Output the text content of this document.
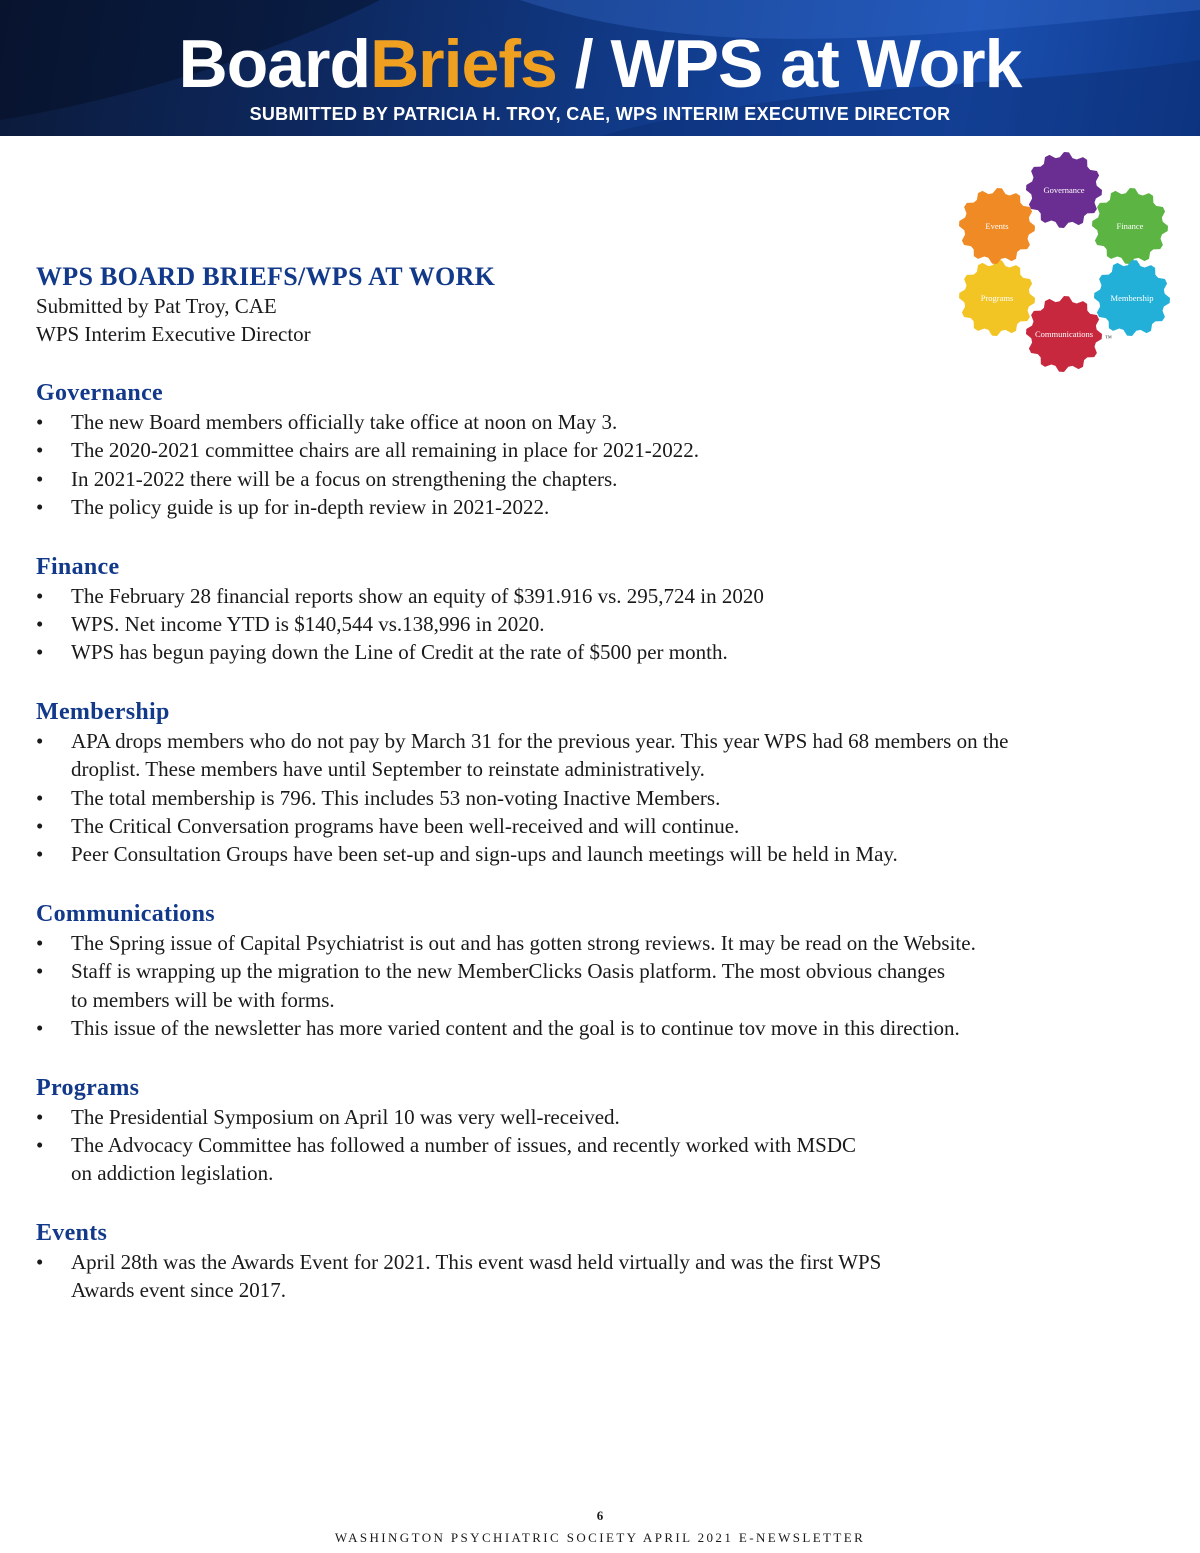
BoardBriefs / WPS at Work
SUBMITTED BY PATRICIA H. TROY, CAE, WPS INTERIM EXECUTIVE DIRECTOR
Governance
Finance
Membership
Communications
Programs
Events
™
WPS BOARD BRIEFS/WPS AT WORK

Submitted by Pat Troy, CAE

WPS Interim Executive Director

Governance
• The new Board members officially take office at noon on May 3.
• The 2020-2021 committee chairs are all remaining in place for 2021-2022.
• In 2021-2022 there will be a focus on strengthening the chapters.
• The policy guide is up for in-depth review in 2021-2022.
Finance
• The February 28 financial reports show an equity of $391.916 vs. 295,724 in 2020
• WPS. Net income YTD is $140,544 vs.138,996 in 2020.
• WPS has begun paying down the Line of Credit at the rate of $500 per month.
Membership
• APA drops members who do not pay by March 31 for the previous year. This year WPS had 68 members on the
droplist. These members have until September to reinstate administratively.
• The total membership is 796. This includes 53 non-voting Inactive Members.
• The Critical Conversation programs have been well-received and will continue.
• Peer Consultation Groups have been set-up and sign-ups and launch meetings will be held in May.
Communications
• The Spring issue of Capital Psychiatrist is out and has gotten strong reviews. It may be read on the Website.
• Staff is wrapping up the migration to the new MemberClicks Oasis platform. The most obvious changes
to members will be with forms.
• This issue of the newsletter has more varied content and the goal is to continue tov move in this direction.
Programs
• The Presidential Symposium on April 10 was very well-received.
• The Advocacy Committee has followed a number of issues, and recently worked with MSDC
on addiction legislation.
Events
• April 28th was the Awards Event for 2021. This event wasd held virtually and was the first WPS
Awards event since 2017.
6
WASHINGTON PSYCHIATRIC SOCIETY APRIL 2021 E-NEWSLETTER
